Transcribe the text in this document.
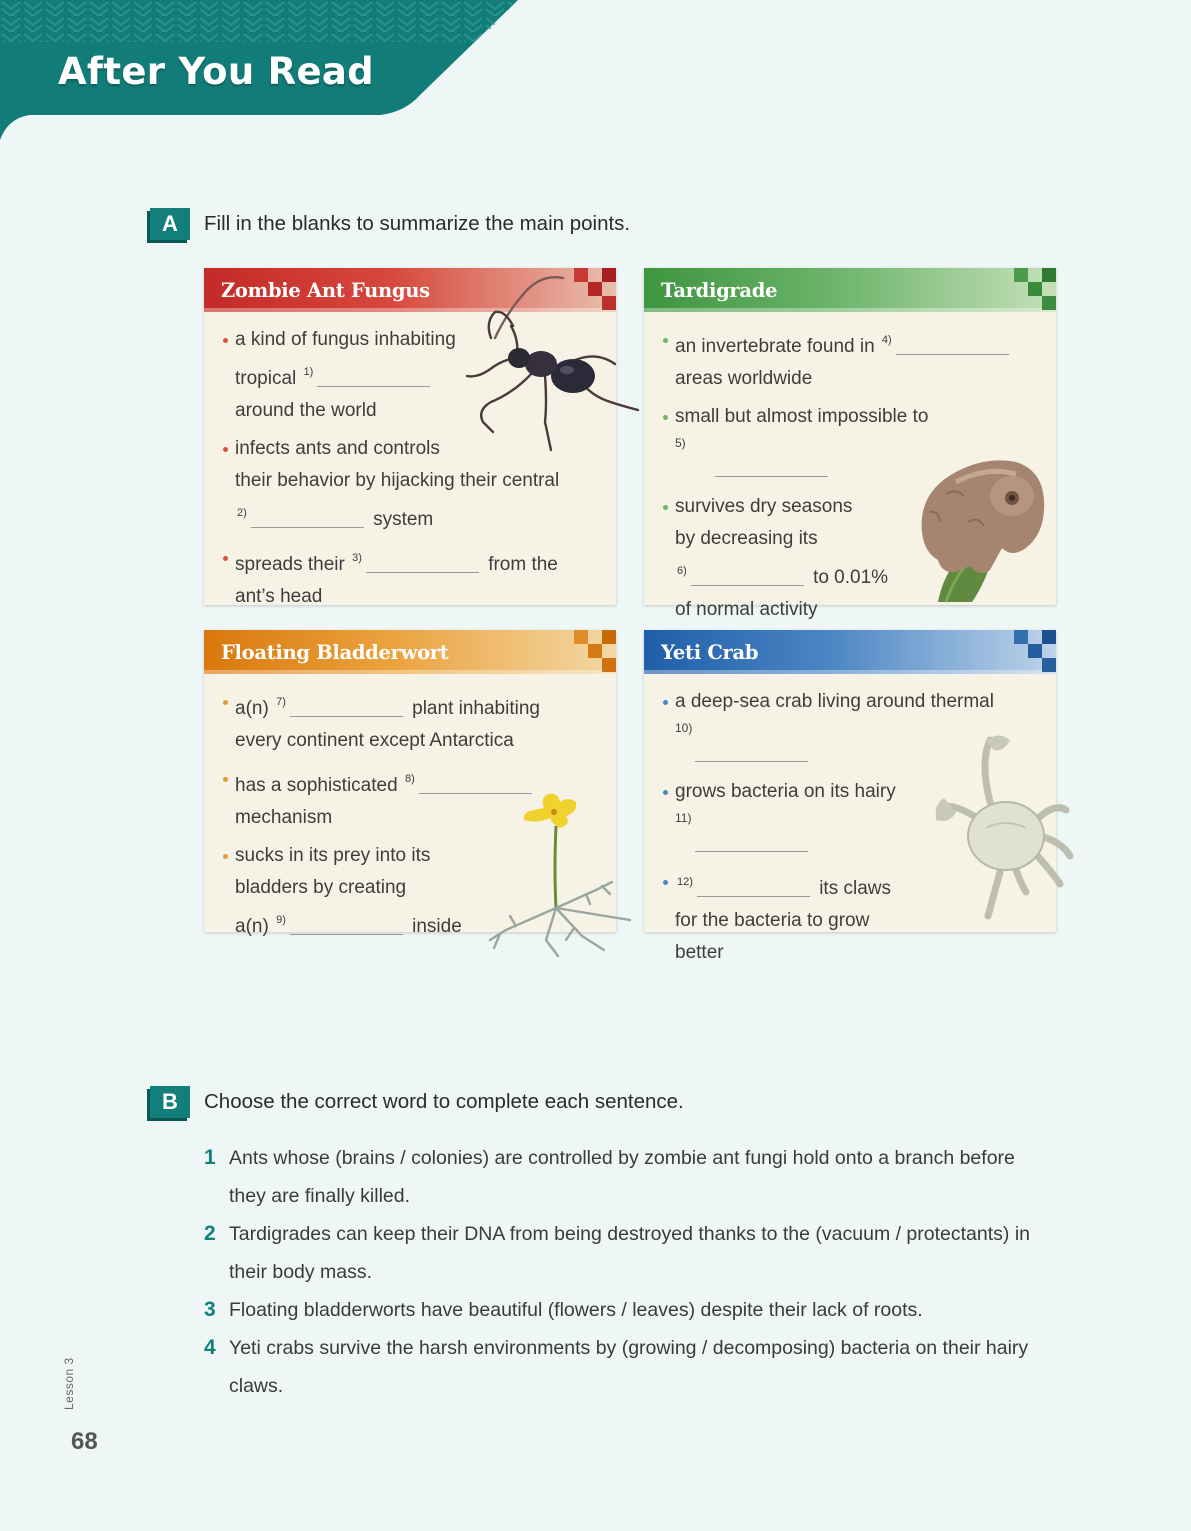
After You Read
A	Fill in the blanks to summarize the main points.
Zombie Ant Fungus
a kind of fungus inhabiting
tropical $^{1)}$
around the world
infects ants and controls
their behavior by hijacking their central
$^{2)}$	system
spreads their $^{3)}$	from the
ant’s head
Tardigrade
an invertebrate found in $^{4)}$
areas worldwide
small but almost impossible to

5)
survives dry seasons
by decreasing its
$^{6)}$	to 0.01%
of normal activity
Floating Bladderwort
a(n) $^{7)}$	plant inhabiting
every continent except Antarctica
has a sophisticated $^{8)}$
mechanism
sucks in its prey into its
bladders by creating
a(n) $^{9)}$	inside
Yeti Crab
a deep-sea crab living around thermal

10)
grows bacteria on its hairy

11)
$^{12)}$	its claws
for the bacteria to grow
better
B	Choose the correct word to complete each sentence.
1 Ants whose (brains / colonies) are controlled by zombie ant fungi hold onto a branch before they are finally killed.
2 Tardigrades can keep their DNA from being destroyed thanks to the (vacuum / protectants) in their body mass.
3 Floating bladderworts have beautiful (flowers / leaves) despite their lack of roots.
4 Yeti crabs survive the harsh environments by (growing / decomposing) bacteria on their hairy claws.
Lesson 3
68
